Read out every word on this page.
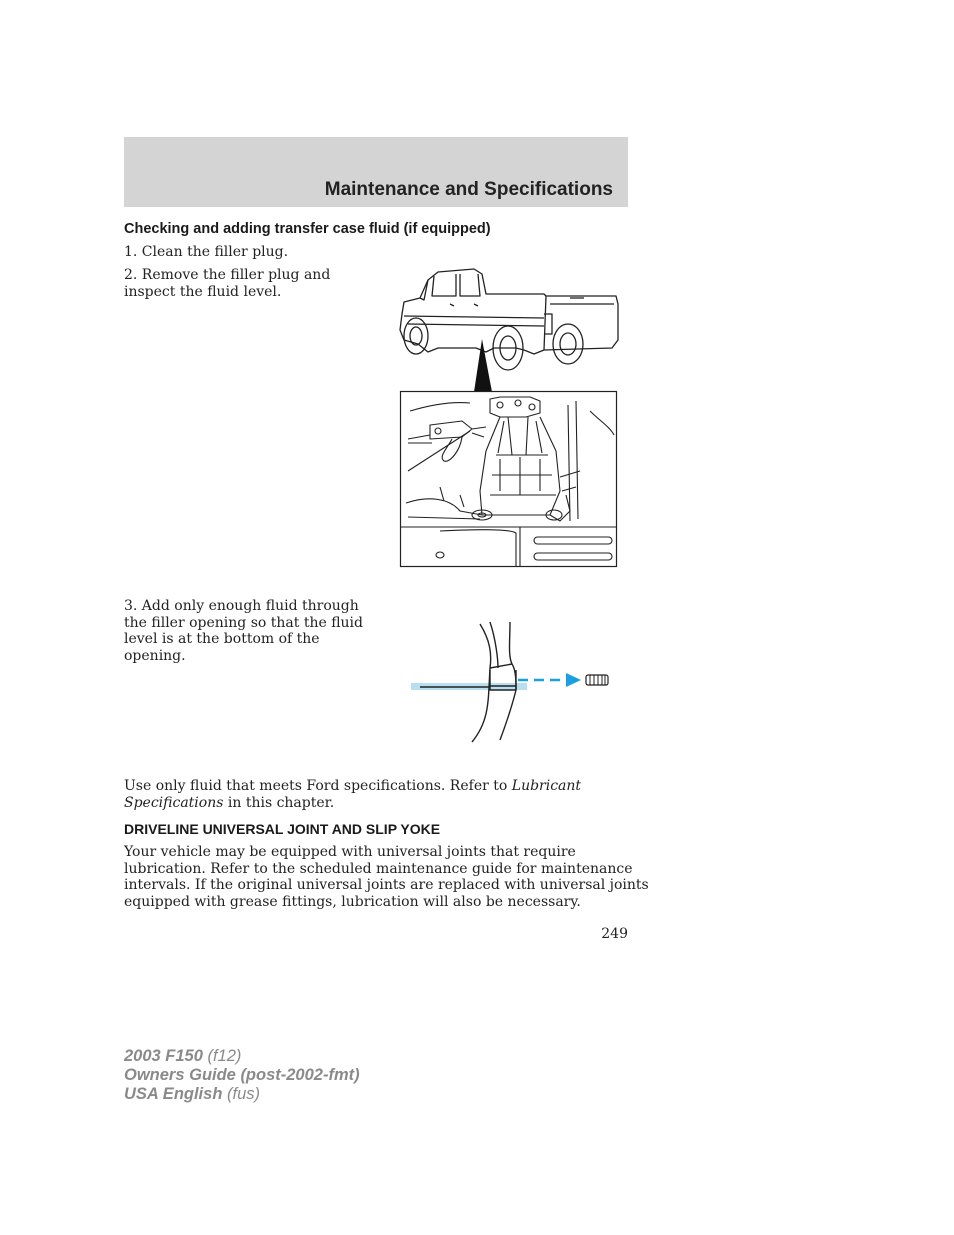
Maintenance and Specifications
Checking and adding transfer case fluid (if equipped)

1. Clean the filler plug.

2. Remove the filler plug and
inspect the fluid level.
3. Add only enough fluid through
the filler opening so that the fluid
level is at the bottom of the
opening.
Use only fluid that meets Ford specifications. Refer to Lubricant
Specifications in this chapter.
DRIVELINE UNIVERSAL JOINT AND SLIP YOKE
Your vehicle may be equipped with universal joints that require
lubrication. Refer to the scheduled maintenance guide for maintenance
intervals. If the original universal joints are replaced with universal joints
equipped with grease fittings, lubrication will also be necessary.
249
2003 F150 (f12)
Owners Guide (post-2002-fmt)
USA English (fus)
